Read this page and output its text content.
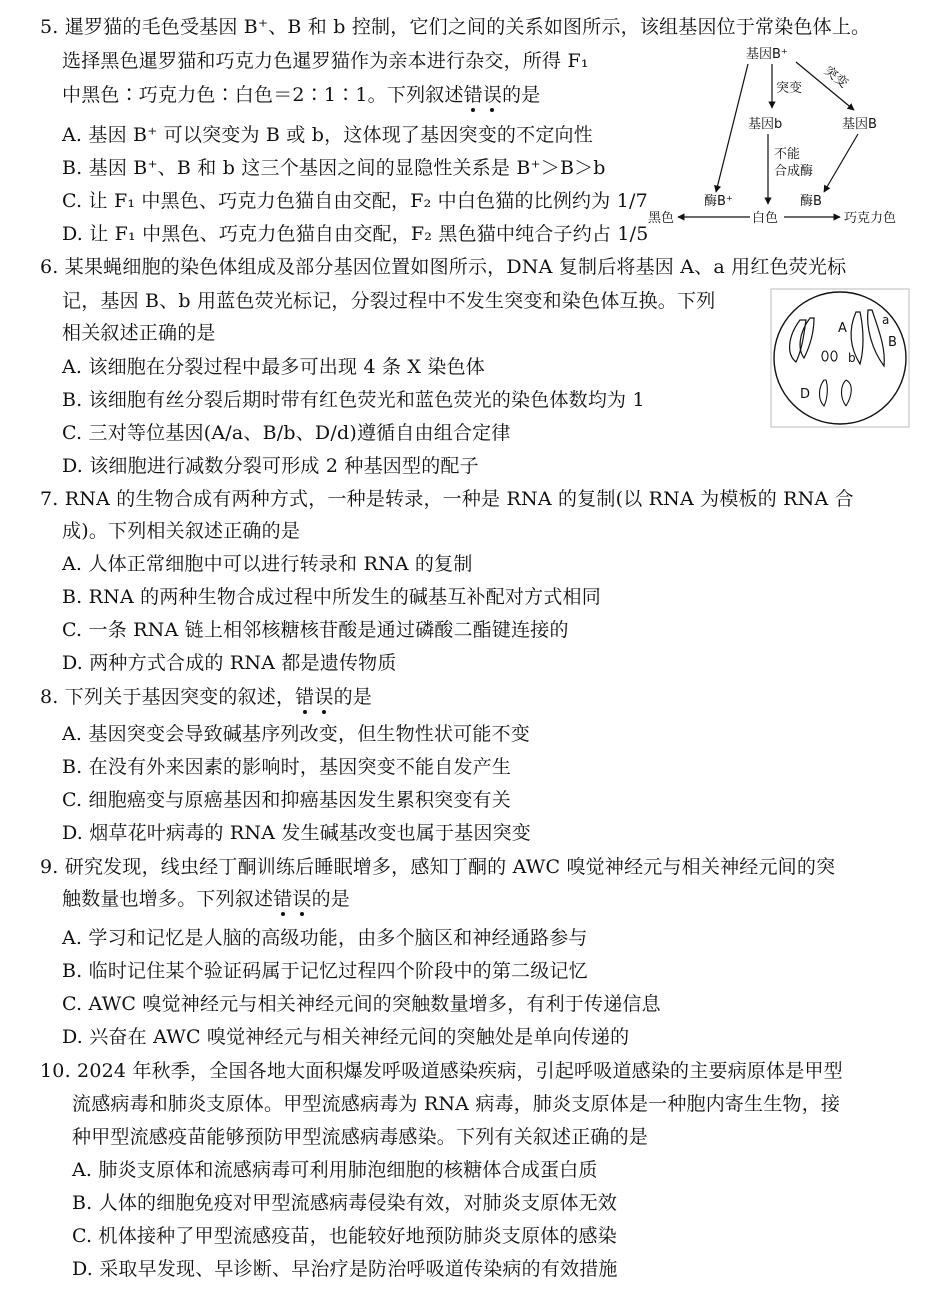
5. 暹罗猫的毛色受基因 B⁺、B 和 b 控制，它们之间的关系如图所示，该组基因位于常染色体上。
选择黑色暹罗猫和巧克力色暹罗猫作为亲本进行杂交，所得 F₁
中黑色∶巧克力色∶白色＝2∶1∶1。下列叙述错误的是
A. 基因 B⁺ 可以突变为 B 或 b，这体现了基因突变的不定向性
B. 基因 B⁺、B 和 b 这三个基因之间的显隐性关系是 B⁺＞B＞b
C. 让 F₁ 中黑色、巧克力色猫自由交配，F₂ 中白色猫的比例约为 1/7
D. 让 F₁ 中黑色、巧克力色猫自由交配，F₂ 黑色猫中纯合子约占 1/5
基因B⁺
突变 突变
基因b	基因B
不能
合成酶
酶B⁺	酶B
黑色	白色	巧克力色
6. 某果蝇细胞的染色体组成及部分基因位置如图所示，DNA 复制后将基因 A、a 用红色荧光标
记，基因 B、b 用蓝色荧光标记，分裂过程中不发生突变和染色体互换。下列
相关叙述正确的是
A. 该细胞在分裂过程中最多可出现 4 条 X 染色体
B. 该细胞有丝分裂后期时带有红色荧光和蓝色荧光的染色体数均为 1
C. 三对等位基因(A/a、B/b、D/d)遵循自由组合定律
D. 该细胞进行减数分裂可形成 2 种基因型的配子
A
a
B
b
D
7. RNA 的生物合成有两种方式，一种是转录，一种是 RNA 的复制(以 RNA 为模板的 RNA 合
成)。下列相关叙述正确的是
A. 人体正常细胞中可以进行转录和 RNA 的复制
B. RNA 的两种生物合成过程中所发生的碱基互补配对方式相同
C. 一条 RNA 链上相邻核糖核苷酸是通过磷酸二酯键连接的
D. 两种方式合成的 RNA 都是遗传物质
8. 下列关于基因突变的叙述，错误的是
A. 基因突变会导致碱基序列改变，但生物性状可能不变
B. 在没有外来因素的影响时，基因突变不能自发产生
C. 细胞癌变与原癌基因和抑癌基因发生累积突变有关
D. 烟草花叶病毒的 RNA 发生碱基改变也属于基因突变
9. 研究发现，线虫经丁酮训练后睡眠增多，感知丁酮的 AWC 嗅觉神经元与相关神经元间的突
触数量也增多。下列叙述错误的是
A. 学习和记忆是人脑的高级功能，由多个脑区和神经通路参与
B. 临时记住某个验证码属于记忆过程四个阶段中的第二级记忆
C. AWC 嗅觉神经元与相关神经元间的突触数量增多，有利于传递信息
D. 兴奋在 AWC 嗅觉神经元与相关神经元间的突触处是单向传递的
10. 2024 年秋季，全国各地大面积爆发呼吸道感染疾病，引起呼吸道感染的主要病原体是甲型
流感病毒和肺炎支原体。甲型流感病毒为 RNA 病毒，肺炎支原体是一种胞内寄生生物，接
种甲型流感疫苗能够预防甲型流感病毒感染。下列有关叙述正确的是
A. 肺炎支原体和流感病毒可利用肺泡细胞的核糖体合成蛋白质
B. 人体的细胞免疫对甲型流感病毒侵染有效，对肺炎支原体无效
C. 机体接种了甲型流感疫苗，也能较好地预防肺炎支原体的感染
D. 采取早发现、早诊断、早治疗是防治呼吸道传染病的有效措施
